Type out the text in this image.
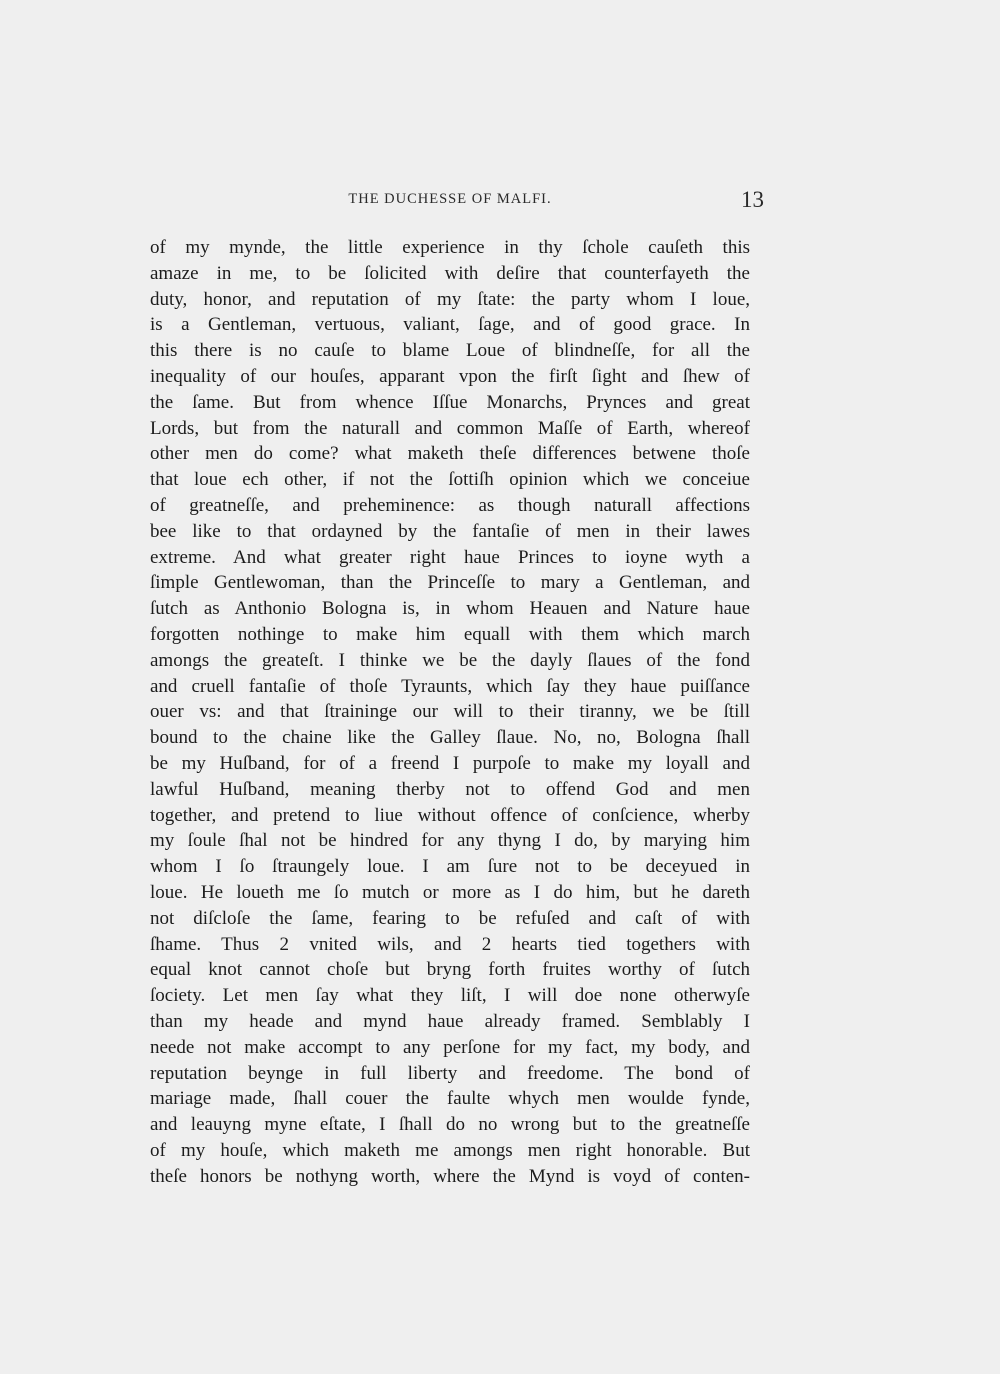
THE DUCHESSE OF MALFI.	13
of my mynde, the little experience in thy ſchole cauſeth this
amaze in me, to be ſolicited with deſire that counterfayeth the
duty, honor, and reputation of my ſtate: the party whom I loue,
is a Gentleman, vertuous, valiant, ſage, and of good grace. In
this there is no cauſe to blame Loue of blindneſſe, for all the
inequality of our houſes, apparant vpon the firſt ſight and ſhew of
the ſame. But from whence Iſſue Monarchs, Prynces and great
Lords, but from the naturall and common Maſſe of Earth, whereof
other men do come? what maketh theſe differences betwene thoſe
that loue ech other, if not the ſottiſh opinion which we conceiue
of greatneſſe, and preheminence: as though naturall affections
bee like to that ordayned by the fantaſie of men in their lawes
extreme. And what greater right haue Princes to ioyne wyth a
ſimple Gentlewoman, than the Princeſſe to mary a Gentleman, and
ſutch as Anthonio Bologna is, in whom Heauen and Nature haue
forgotten nothinge to make him equall with them which march
amongs the greateſt. I thinke we be the dayly ſlaues of the fond
and cruell fantaſie of thoſe Tyraunts, which ſay they haue puiſſance
ouer vs: and that ſtraininge our will to their tiranny, we be ſtill
bound to the chaine like the Galley ſlaue. No, no, Bologna ſhall
be my Huſband, for of a freend I purpoſe to make my loyall and
lawful Huſband, meaning therby not to offend God and men
together, and pretend to liue without offence of conſcience, wherby
my ſoule ſhal not be hindred for any thyng I do, by marying him
whom I ſo ſtraungely loue. I am ſure not to be deceyued in
loue. He loueth me ſo mutch or more as I do him, but he dareth
not diſcloſe the ſame, fearing to be refuſed and caſt of with
ſhame. Thus 2 vnited wils, and 2 hearts tied togethers with
equal knot cannot choſe but bryng forth fruites worthy of ſutch
ſociety. Let men ſay what they liſt, I will doe none otherwyſe
than my heade and mynd haue already framed. Semblably I
neede not make accompt to any perſone for my fact, my body, and
reputation beynge in full liberty and freedome. The bond of
mariage made, ſhall couer the faulte whych men woulde fynde,
and leauyng myne eſtate, I ſhall do no wrong but to the greatneſſe
of my houſe, which maketh me amongs men right honorable. But
theſe honors be nothyng worth, where the Mynd is voyd of conten-
